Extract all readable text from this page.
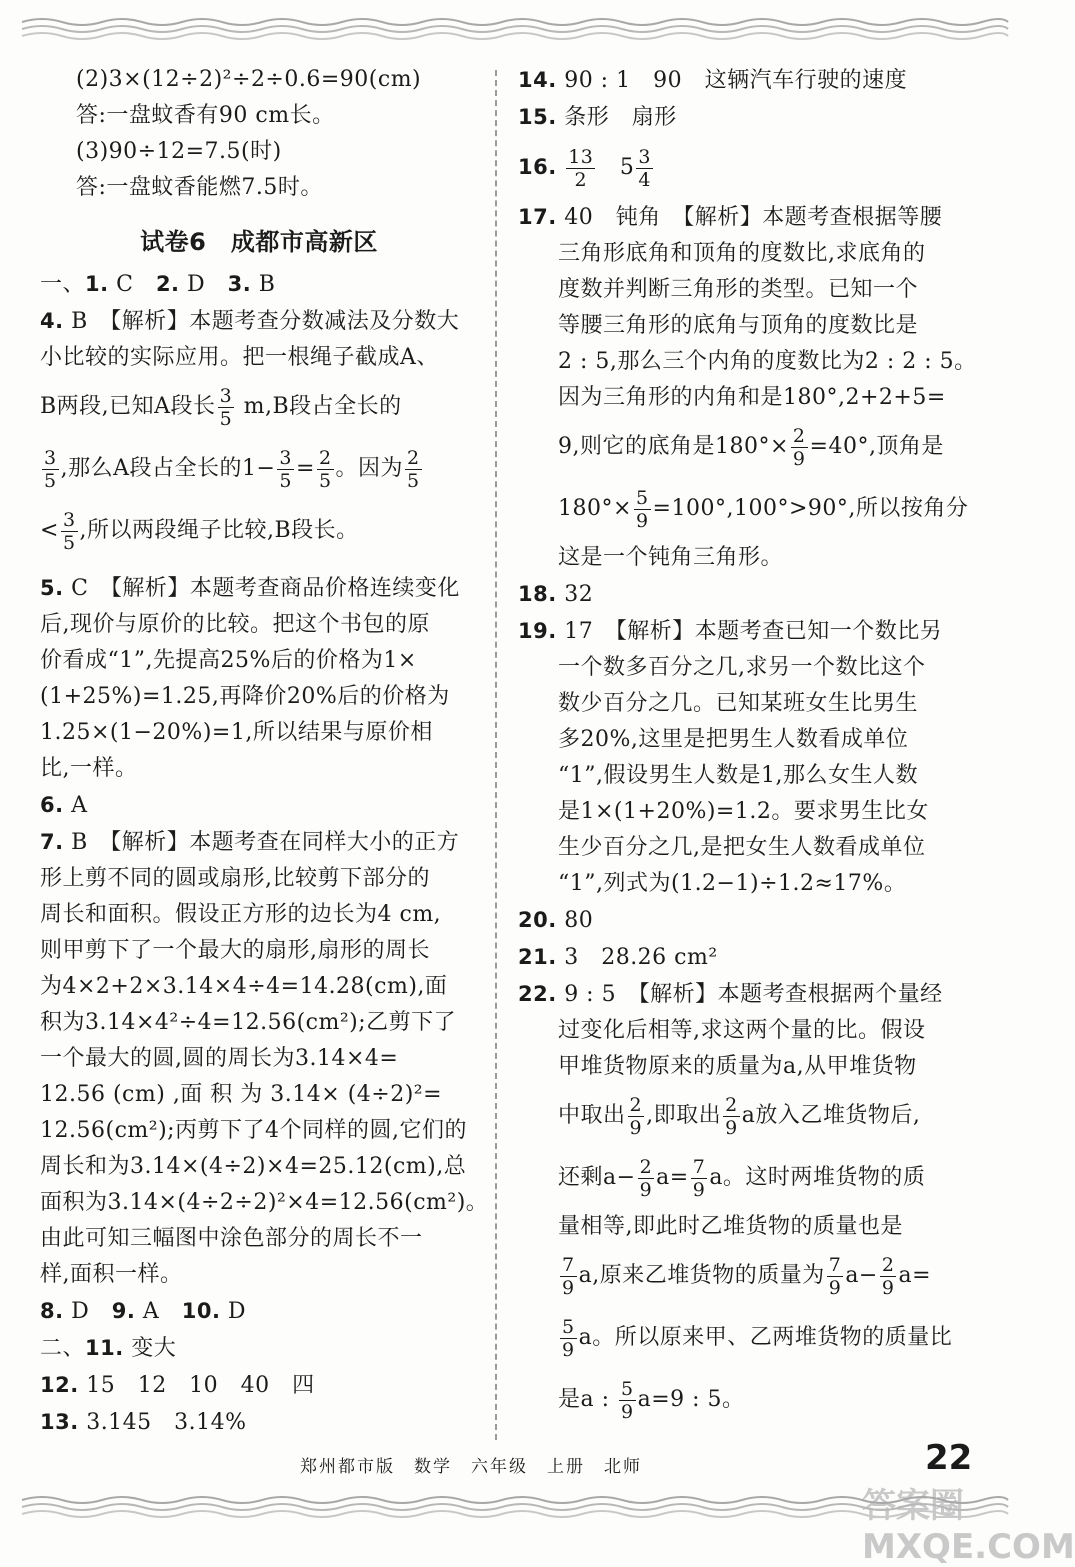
(2)3×(12÷2)²÷2÷0.6=90(cm)
答:一盘蚊香有90 cm长。
(3)90÷12=7.5(时)
答:一盘蚊香能燃7.5时。
试卷6　成都市高新区
一、1. C　2. D　3. B
4. B　【解析】本题考查分数减法及分数大
小比较的实际应用。把一根绳子截成A、
B两段,已知A段长 $\frac{3}{5} m,B$段占全长的
$\frac{3}{5}$ ,那么A段占全长的$1- \frac{3}{5} = \frac{2}{5}$ 。因为 $\frac{2}{5}$
< $\frac{3}{5}$ ,所以两段绳子比较,B段长。
5. C　【解析】本题考查商品价格连续变化
后,现价与原价的比较。把这个书包的原
价看成“1”,先提高25%后的价格为1×
(1+25%)=1.25,再降价20%后的价格为
1.25×(1−20%)=1,所以结果与原价相
比,一样。
6. A
7. B　【解析】本题考查在同样大小的正方
形上剪不同的圆或扇形,比较剪下部分的
周长和面积。假设正方形的边长为4 cm,
则甲剪下了一个最大的扇形,扇形的周长
为4×2+2×3.14×4÷4=14.28(cm),面
积为3.14×4²÷4=12.56(cm²);乙剪下了
一个最大的圆,圆的周长为3.14×4=
12.56 (cm) ,面 积 为 3.14× (4÷2)²=
12.56(cm²);丙剪下了4个同样的圆,它们的
周长和为3.14×(4÷2)×4=25.12(cm),总
面积为3.14×(4÷2÷2)²×4=12.56(cm²)。
由此可知三幅图中涂色部分的周长不一
样,面积一样。
8. D　9. A　10. D
二、11. 变大
12. 15　12　10　40　四
13. 3.145　3.14%
14. 90 : 1　90　这辆汽车行驶的速度
15. 条形　扇形
16. $\frac{13}{2}$ 　$5 \frac{3}{4}$
17. 40　钝角　【解析】本题考查根据等腰
三角形底角和顶角的度数比,求底角的
度数并判断三角形的类型。已知一个
等腰三角形的底角与顶角的度数比是
2 : 5,那么三个内角的度数比为2 : 2 : 5。
因为三角形的内角和是180°,2+2+5=
9,则它的底角是$180^\circ\times \frac{2}{9} =40^\circ$,顶角是
$180^\circ\times \frac{5}{9} =100^\circ,100^\circ>90^\circ$,所以按角分
这是一个钝角三角形。
18. 32
19. 17　【解析】本题考查已知一个数比另
一个数多百分之几,求另一个数比这个
数少百分之几。已知某班女生比男生
多20%,这里是把男生人数看成单位
“1”,假设男生人数是1,那么女生人数
是1×(1+20%)=1.2。要求男生比女
生少百分之几,是把女生人数看成单位
“1”,列式为(1.2−1)÷1.2≈17%。
20. 80
21. 3　28.26 cm²
22. 9 : 5　【解析】本题考查根据两个量经
过变化后相等,求这两个量的比。假设
甲堆货物原来的质量为a,从甲堆货物
中取出 $\frac{2}{9}$ ,即取出 $\frac{2}{9}$ a放入乙堆货物后,
还剩$a- \frac{2}{9} a= \frac{7}{9}$ a。这时两堆货物的质
量相等,即此时乙堆货物的质量也是
$\frac{7}{9} a$,原来乙堆货物的质量为 $\frac{7}{9} a- \frac{2}{9} a=$
$\frac{5}{9}$ a。所以原来甲、乙两堆货物的质量比
是a : $\frac{5}{9} a=9$ : 5。
郑州都市版　数学　六年级　上册　北师	22
答案圈 MXQE.COM
